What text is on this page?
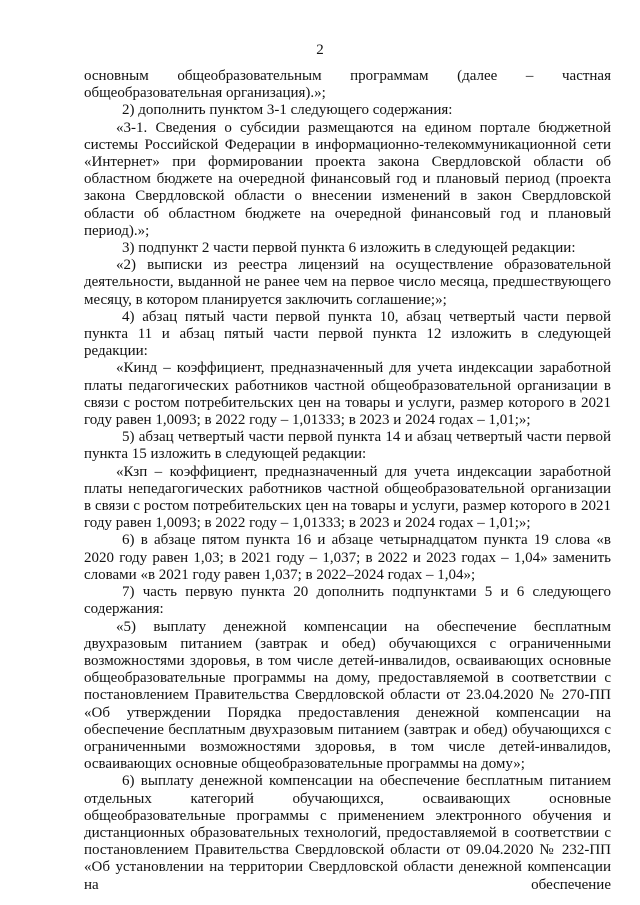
2

основным общеобразовательным программам (далее – частная общеобразовательная организация).»;

2) дополнить пунктом 3-1 следующего содержания:

«3-1. Сведения о субсидии размещаются на едином портале бюджетной системы Российской Федерации в информационно-телекоммуникационной сети «Интернет» при формировании проекта закона Свердловской области об областном бюджете на очередной финансовый год и плановый период (проекта закона Свердловской области о внесении изменений в закон Свердловской области об областном бюджете на очередной финансовый год и плановый период).»;

3) подпункт 2 части первой пункта 6 изложить в следующей редакции:

«2) выписки из реестра лицензий на осуществление образовательной деятельности, выданной не ранее чем на первое число месяца, предшествующего месяцу, в котором планируется заключить соглашение;»;

4) абзац пятый части первой пункта 10, абзац четвертый части первой пункта 11 и абзац пятый части первой пункта 12 изложить в следующей редакции:

«Кинд – коэффициент, предназначенный для учета индексации заработной платы педагогических работников частной общеобразовательной организации в связи с ростом потребительских цен на товары и услуги, размер которого в 2021 году равен 1,0093; в 2022 году – 1,01333; в 2023 и 2024 годах – 1,01;»;

5) абзац четвертый части первой пункта 14 и абзац четвертый части первой пункта 15 изложить в следующей редакции:

«Кзп – коэффициент, предназначенный для учета индексации заработной платы непедагогических работников частной общеобразовательной организации в связи с ростом потребительских цен на товары и услуги, размер которого в 2021 году равен 1,0093; в 2022 году – 1,01333; в 2023 и 2024 годах – 1,01;»;

6) в абзаце пятом пункта 16 и абзаце четырнадцатом пункта 19 слова «в 2020 году равен 1,03; в 2021 году – 1,037; в 2022 и 2023 годах – 1,04» заменить словами «в 2021 году равен 1,037; в 2022–2024 годах – 1,04»;

7) часть первую пункта 20 дополнить подпунктами 5 и 6 следующего содержания:

«5) выплату денежной компенсации на обеспечение бесплатным двухразовым питанием (завтрак и обед) обучающихся с ограниченными возможностями здоровья, в том числе детей-инвалидов, осваивающих основные общеобразовательные программы на дому, предоставляемой в соответствии с постановлением Правительства Свердловской области от 23.04.2020 № 270-ПП «Об утверждении Порядка предоставления денежной компенсации на обеспечение бесплатным двухразовым питанием (завтрак и обед) обучающихся с ограниченными возможностями здоровья, в том числе детей-инвалидов, осваивающих основные общеобразовательные программы на дому»;

6) выплату денежной компенсации на обеспечение бесплатным питанием отдельных категорий обучающихся, осваивающих основные общеобразовательные программы с применением электронного обучения и дистанционных образовательных технологий, предоставляемой в соответствии с постановлением Правительства Свердловской области от 09.04.2020 № 232-ПП «Об установлении на территории Свердловской области денежной компенсации на обеспечение
